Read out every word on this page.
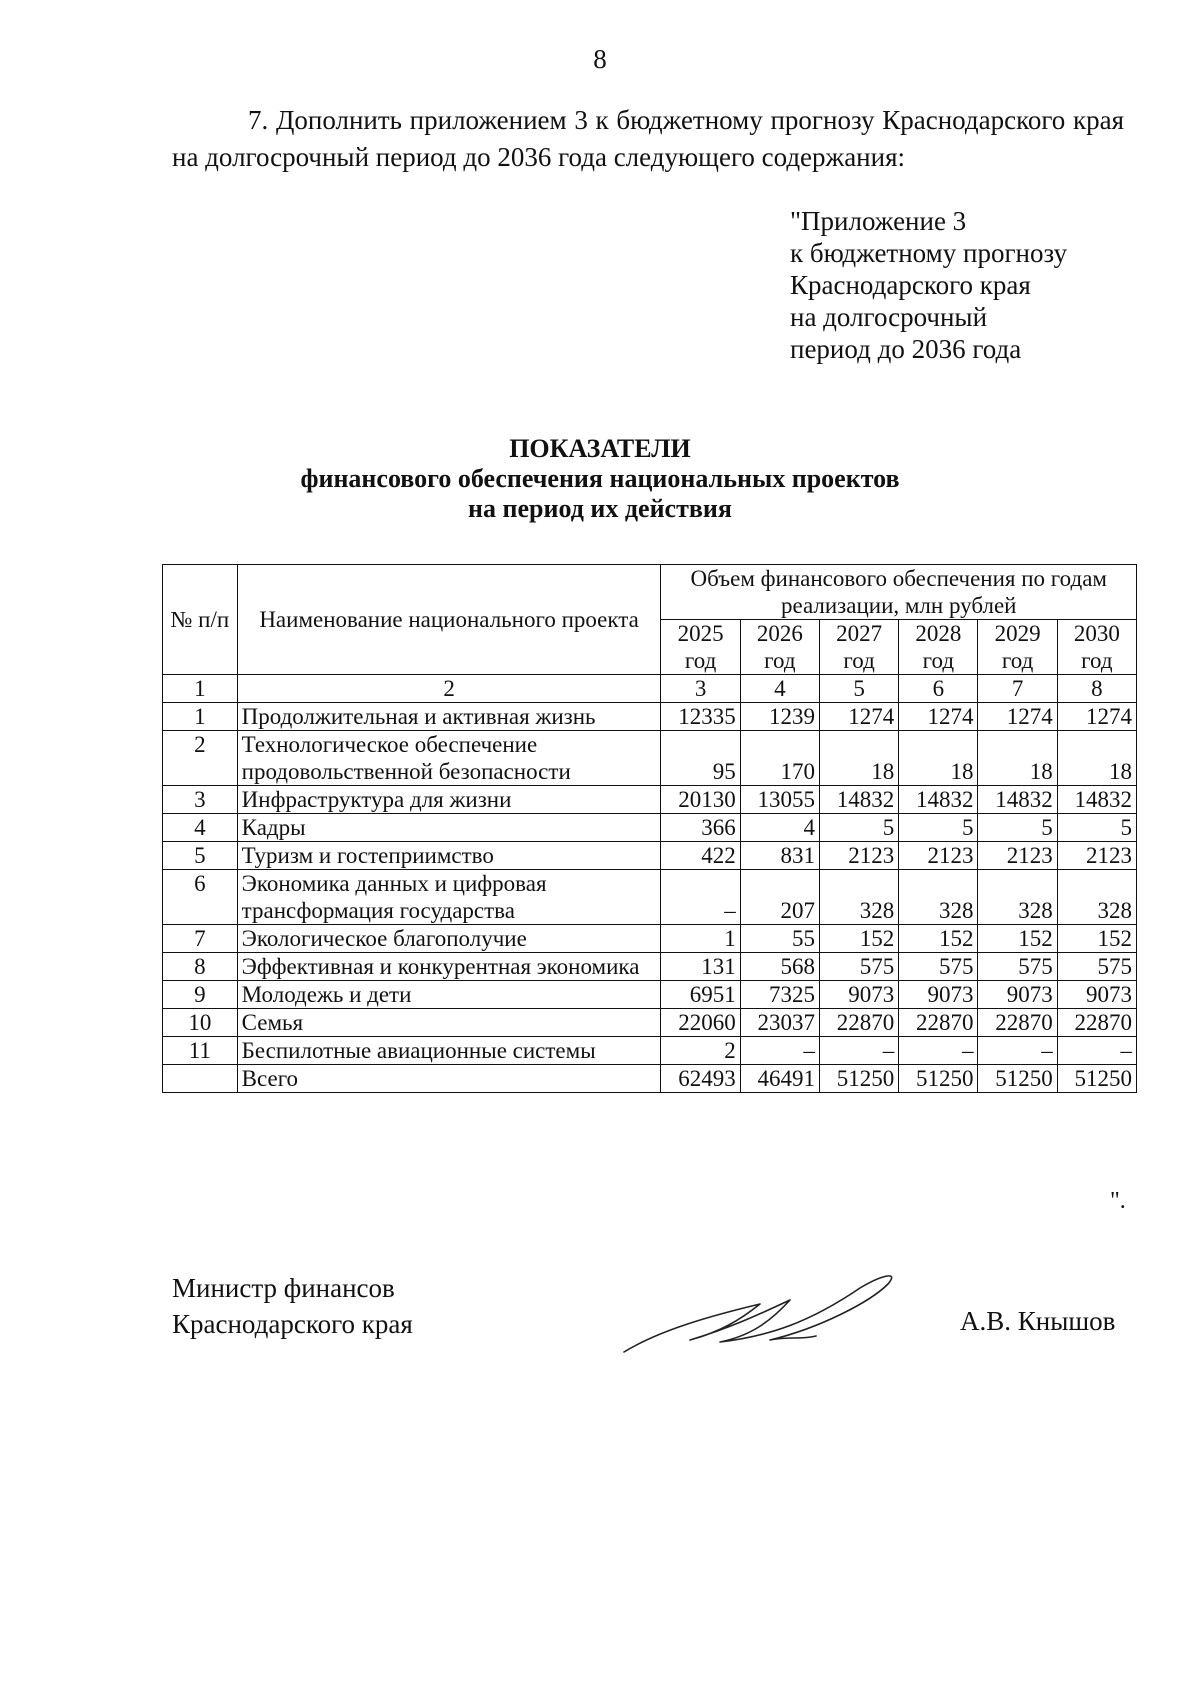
8

7. Дополнить приложением 3 к бюджетному прогнозу Краснодарского края на долгосрочный период до 2036 года следующего содержания:

"Приложение 3
к бюджетному прогнозу
Краснодарского края
на долгосрочный
период до 2036 года
ПОКАЗАТЕЛИ
финансового обеспечения национальных проектов
на период их действия
№ п/п	Наименование национального проекта	Объем финансового обеспечения по годам реализации, млн рублей					
		2025 год	2026 год	2027 год	2028 год	2029 год	2030 год
1	2	3	4	5	6	7	8
1	Продолжительная и активная жизнь	12335	1239	1274	1274	1274	1274
2	Технологическое обеспечение продовольственной безопасности	95	170	18	18	18	18
3	Инфраструктура для жизни	20130	13055	14832	14832	14832	14832
4	Кадры	366	4	5	5	5	5
5	Туризм и гостеприимство	422	831	2123	2123	2123	2123
6	Экономика данных и цифровая трансформация государства	–	207	328	328	328	328
7	Экологическое благополучие	1	55	152	152	152	152
8	Эффективная и конкурентная экономика	131	568	575	575	575	575
9	Молодежь и дети	6951	7325	9073	9073	9073	9073
10	Семья	22060	23037	22870	22870	22870	22870
11	Беспилотные авиационные системы	2	–	–	–	–	–
	Всего	62493	46491	51250	51250	51250	51250
".
Министр финансов
Краснодарского края	А.В. Кнышов
